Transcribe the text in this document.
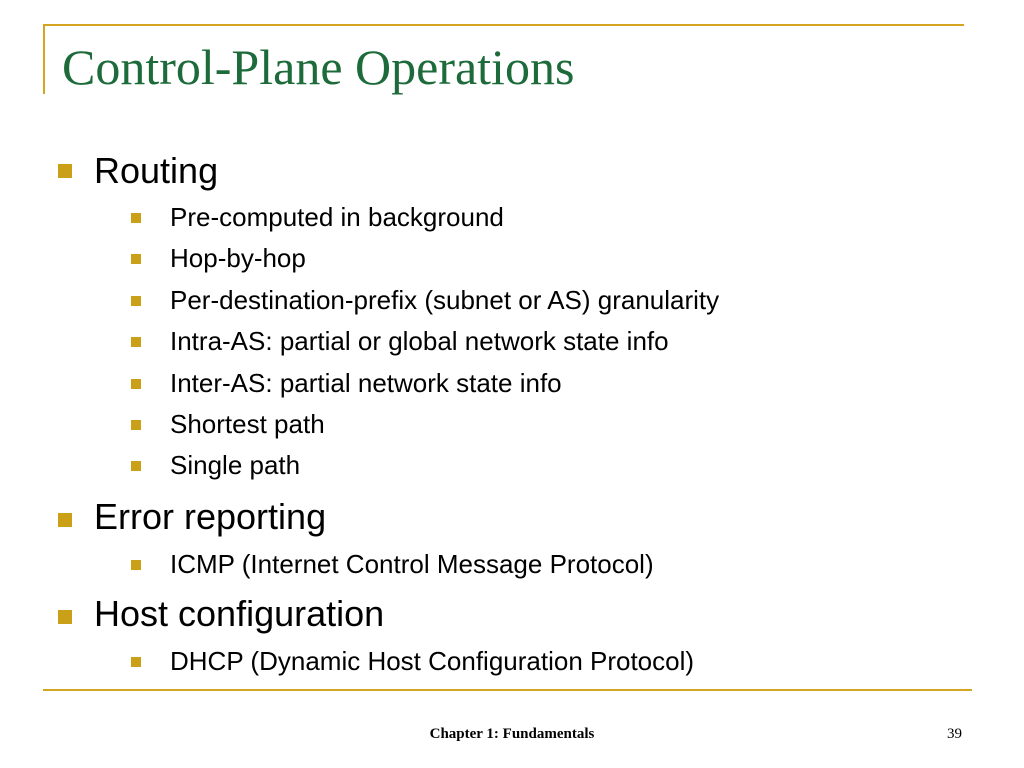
Control-Plane Operations
Routing
Pre-computed in background
Hop-by-hop
Per-destination-prefix (subnet or AS) granularity
Intra-AS: partial or global network state info
Inter-AS: partial network state info
Shortest path
Single path
Error reporting
ICMP (Internet Control Message Protocol)
Host configuration
DHCP (Dynamic Host Configuration Protocol)
Chapter 1: Fundamentals	39
